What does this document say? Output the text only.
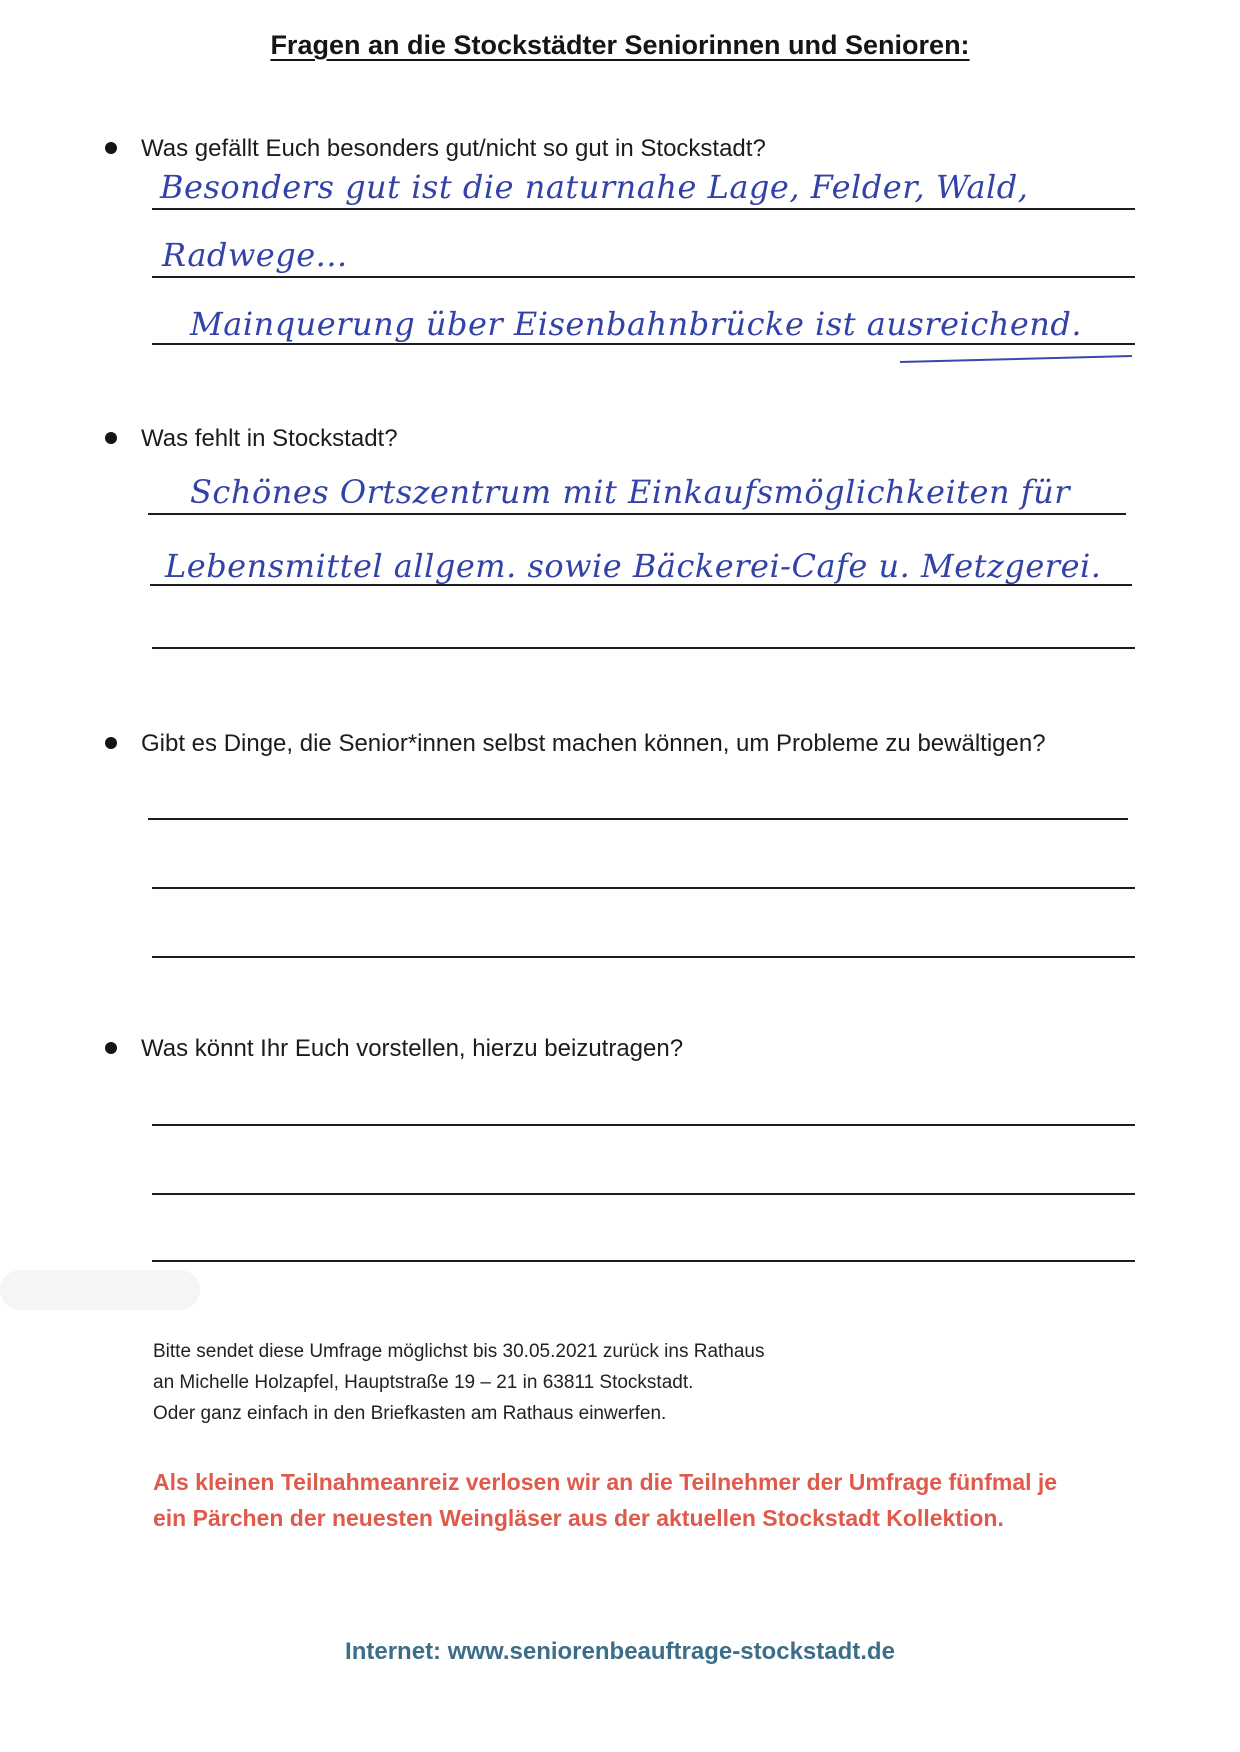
Fragen an die Stockstädter Seniorinnen und Senioren:
Was gefällt Euch besonders gut/nicht so gut in Stockstadt?
Besonders gut ist die naturnahe Lage, Felder, Wald,
Radwege...
Mainquerung über Eisenbahnbrücke ist ausreichend.
Was fehlt in Stockstadt?
Schönes Ortszentrum mit Einkaufsmöglichkeiten für
Lebensmittel allgem. sowie Bäckerei-Cafe u. Metzgerei.
Gibt es Dinge, die Senior*innen selbst machen können, um Probleme zu bewältigen?
Was könnt Ihr Euch vorstellen, hierzu beizutragen?
Bitte sendet diese Umfrage möglichst bis 30.05.2021 zurück ins Rathaus
an Michelle Holzapfel, Hauptstraße 19 – 21 in 63811 Stockstadt.
Oder ganz einfach in den Briefkasten am Rathaus einwerfen.
Als kleinen Teilnahmeanreiz verlosen wir an die Teilnehmer der Umfrage fünfmal je
ein Pärchen der neuesten Weingläser aus der aktuellen Stockstadt Kollektion.
Internet: www.seniorenbeauftrage-stockstadt.de
